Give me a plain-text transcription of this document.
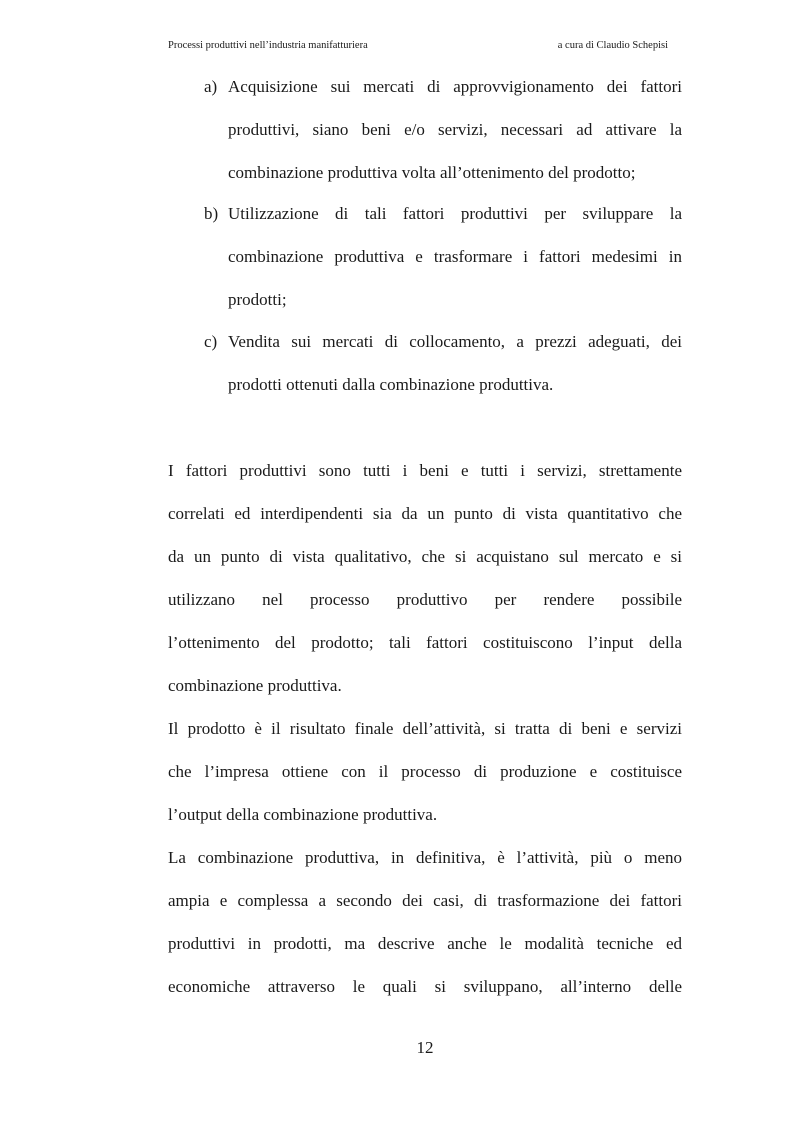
Processi produttivi nell’industria manifatturiera	a cura di Claudio Schepisi
a) Acquisizione sui mercati di approvvigionamento dei fattori
produttivi, siano beni e/o servizi, necessari ad attivare la
combinazione produttiva volta all’ottenimento del prodotto;
b) Utilizzazione di tali fattori produttivi per sviluppare la
combinazione produttiva e trasformare i fattori medesimi in
prodotti;
c) Vendita sui mercati di collocamento, a prezzi adeguati, dei
prodotti ottenuti dalla combinazione produttiva.
I fattori produttivi sono tutti i beni e tutti i servizi, strettamente
correlati ed interdipendenti sia da un punto di vista quantitativo che
da un punto di vista qualitativo, che si acquistano sul mercato e si
utilizzano nel processo produttivo per rendere possibile
l’ottenimento del prodotto; tali fattori costituiscono l’input della
combinazione produttiva.
Il prodotto è il risultato finale dell’attività, si tratta di beni e servizi
che l’impresa ottiene con il processo di produzione e costituisce
l’output della combinazione produttiva.
La combinazione produttiva, in definitiva, è l’attività, più o meno
ampia e complessa a secondo dei casi, di trasformazione dei fattori
produttivi in prodotti, ma descrive anche le modalità tecniche ed
economiche attraverso le quali si sviluppano, all’interno delle
12
